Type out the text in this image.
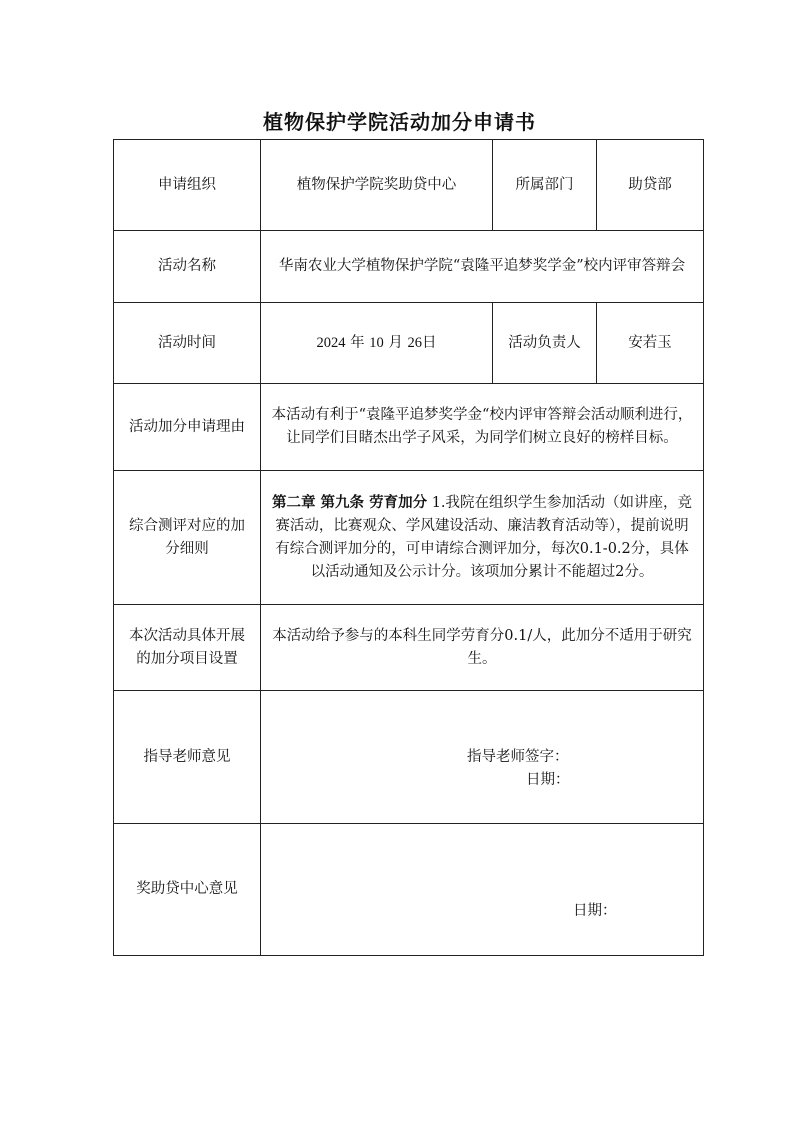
植物保护学院活动加分申请书
申请组织	植物保护学院奖助贷中心	所属部门	助贷部
活动名称	华南农业大学植物保护学院“袁隆平追梦奖学金”校内评审答辩会		
活动时间	2024 年 10 月 26日	活动负责人	安若玉
活动加分申请理由	本活动有利于“袁隆平追梦奖学金“校内评审答辩会活动顺利进行，让同学们目睹杰出学子风采，为同学们树立良好的榜样目标。		
综合测评对应的加分细则	第二章 第九条 劳育加分 1.我院在组织学生参加活动（如讲座，竞赛活动，比赛观众、学风建设活动、廉洁教育活动等），提前说明有综合测评加分的，可申请综合测评加分，每次0.1-0.2分，具体以活动通知及公示计分。该项加分累计不能超过2分。		
本次活动具体开展的加分项目设置	本活动给予参与的本科生同学劳育分0.1/人，此加分不适用于研究生。		
指导老师意见	指导老师签字：
日期：		

奖助贷中心意见	日期：		
